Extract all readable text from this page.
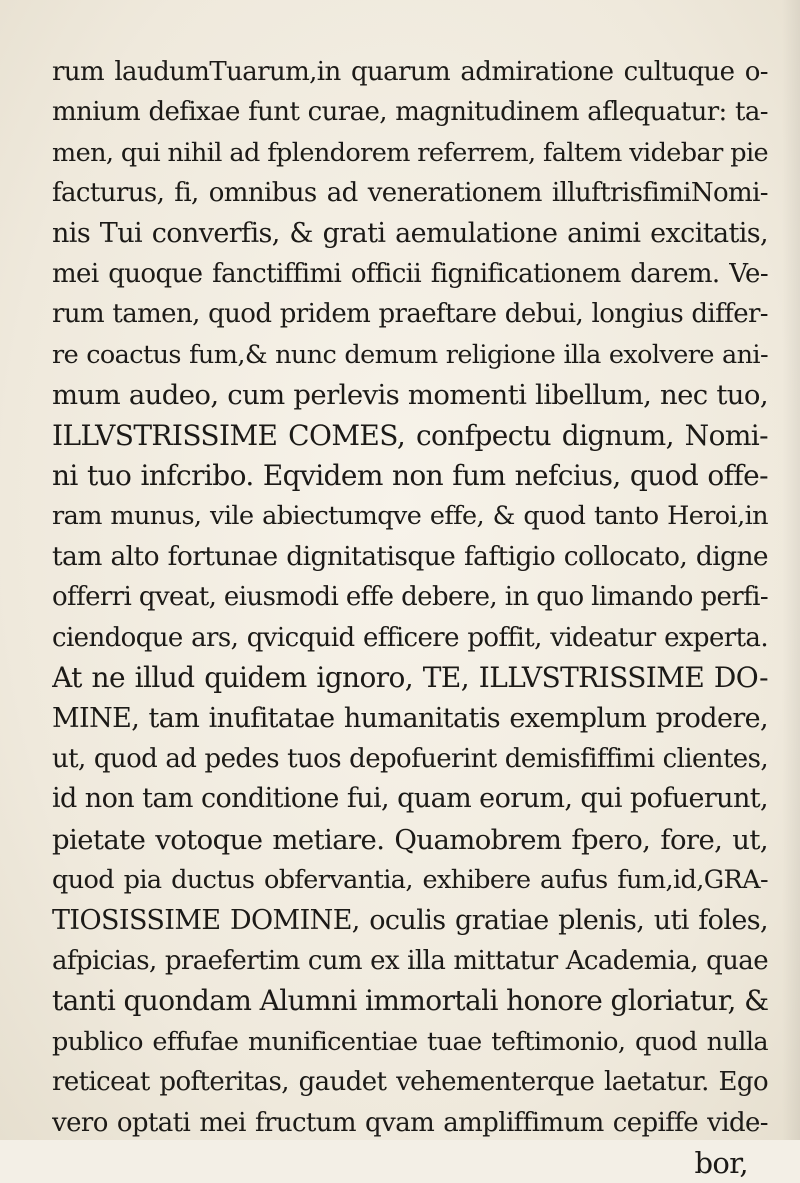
rum laudumTuarum,in quarum admiratione cultuque o-
mnium defixae funt curae, magnitudinem aflequatur: ta-
men, qui nihil ad fplendorem referrem, faltem videbar pie
facturus, fi, omnibus ad venerationem illuftrisfimiNomi-
nis Tui converfis, & grati aemulatione animi excitatis,
mei quoque fanctiffimi officii fignificationem darem. Ve-
rum tamen, quod pridem praeftare debui, longius differ-
re coactus fum,& nunc demum religione illa exolvere ani-
mum audeo, cum perlevis momenti libellum, nec tuo,
ILLVSTRISSIME COMES, confpectu dignum, Nomi-
ni tuo infcribo. Eqvidem non fum nefcius, quod offe-
ram munus, vile abiectumqve effe, & quod tanto Heroi,in
tam alto fortunae dignitatisque faftigio collocato, digne
offerri qveat, eiusmodi effe debere, in quo limando perfi-
ciendoque ars, qvicquid efficere poffit, videatur experta.
At ne illud quidem ignoro, TE, ILLVSTRISSIME DO-
MINE, tam inufitatae humanitatis exemplum prodere,
ut, quod ad pedes tuos depofuerint demisfiffimi clientes,
id non tam conditione fui, quam eorum, qui pofuerunt,
pietate votoque metiare. Quamobrem fpero, fore, ut,
quod pia ductus obfervantia, exhibere aufus fum,id,GRA-
TIOSISSIME DOMINE, oculis gratiae plenis, uti foles,
afpicias, praefertim cum ex illa mittatur Academia, quae
tanti quondam Alumni immortali honore gloriatur, &
publico effufae munificentiae tuae teftimonio, quod nulla
reticeat pofteritas, gaudet vehementerque laetatur. Ego
vero optati mei fructum qvam ampliffimum cepiffe vide-
bor,
